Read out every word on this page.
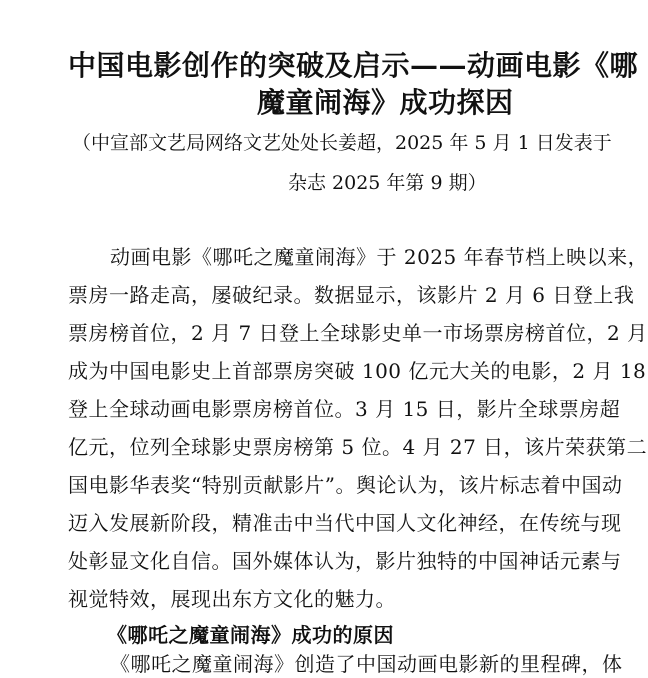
中国电影创作的突破及启示——动画电影《哪
魔童闹海》成功探因

（中宣部文艺局网络文艺处处长姜超，2025 年 5 月 1 日发表于

杂志 2025 年第 9 期）

动画电影《哪吒之魔童闹海》于 2025 年春节档上映以来，

票房一路走高，屡破纪录。数据显示，该影片 2 月 6 日登上我

票房榜首位，2 月 7 日登上全球影史单一市场票房榜首位，2 月

成为中国电影史上首部票房突破 100 亿元大关的电影，2 月 18

登上全球动画电影票房榜首位。3 月 15 日，影片全球票房超

亿元，位列全球影史票房榜第 5 位。4 月 27 日，该片荣获第二

国电影华表奖“特别贡献影片”。舆论认为，该片标志着中国动

迈入发展新阶段，精准击中当代中国人文化神经，在传统与现

处彰显文化自信。国外媒体认为，影片独特的中国神话元素与

视觉特效，展现出东方文化的魅力。

《哪吒之魔童闹海》成功的原因

《哪吒之魔童闹海》创造了中国动画电影新的里程碑，体
